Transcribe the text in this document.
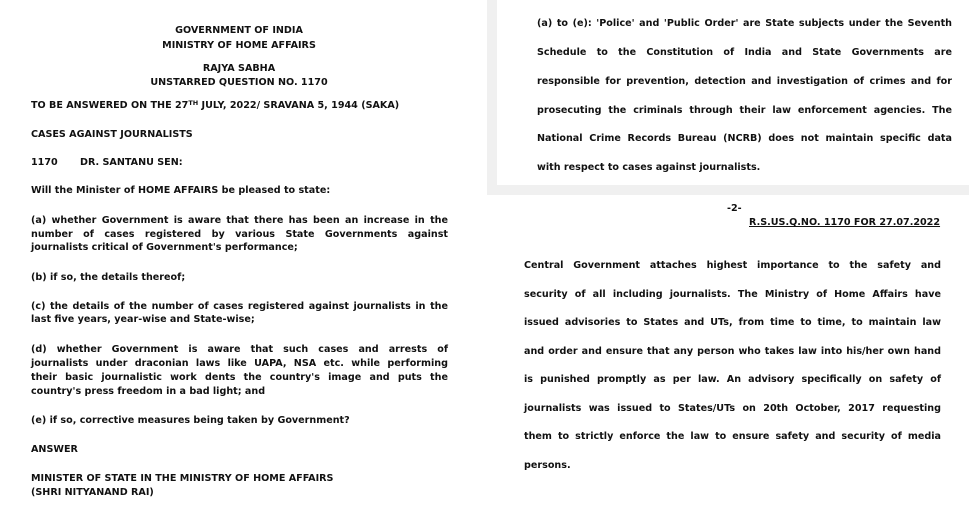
GOVERNMENT OF INDIA
MINISTRY OF HOME AFFAIRS
RAJYA SABHA
UNSTARRED QUESTION NO. 1170
TO BE ANSWERED ON THE 27TH JULY, 2022/ SRAVANA 5, 1944 (SAKA)
CASES AGAINST JOURNALISTS
1170 DR. SANTANU SEN:
Will the Minister of HOME AFFAIRS be pleased to state:
(a) whether Government is aware that there has been an increase in the
number of cases registered by various State Governments against
journalists critical of Government's performance;
(b) if so, the details thereof;
(c) the details of the number of cases registered against journalists in the
last five years, year-wise and State-wise;
(d) whether Government is aware that such cases and arrests of
journalists under draconian laws like UAPA, NSA etc. while performing
their basic journalistic work dents the country's image and puts the
country's press freedom in a bad light; and
(e) if so, corrective measures being taken by Government?
ANSWER
MINISTER OF STATE IN THE MINISTRY OF HOME AFFAIRS
(SHRI NITYANAND RAI)
(a) to (e): 'Police' and 'Public Order' are State subjects under the Seventh
Schedule to the Constitution of India and State Governments are
responsible for prevention, detection and investigation of crimes and for
prosecuting the criminals through their law enforcement agencies. The
National Crime Records Bureau (NCRB) does not maintain specific data
with respect to cases against journalists.
-2-
R.S.US.Q.NO. 1170 FOR 27.07.2022
Central Government attaches highest importance to the safety and
security of all including journalists. The Ministry of Home Affairs have
issued advisories to States and UTs, from time to time, to maintain law
and order and ensure that any person who takes law into his/her own hand
is punished promptly as per law. An advisory specifically on safety of
journalists was issued to States/UTs on 20th October, 2017 requesting
them to strictly enforce the law to ensure safety and security of media
persons.
